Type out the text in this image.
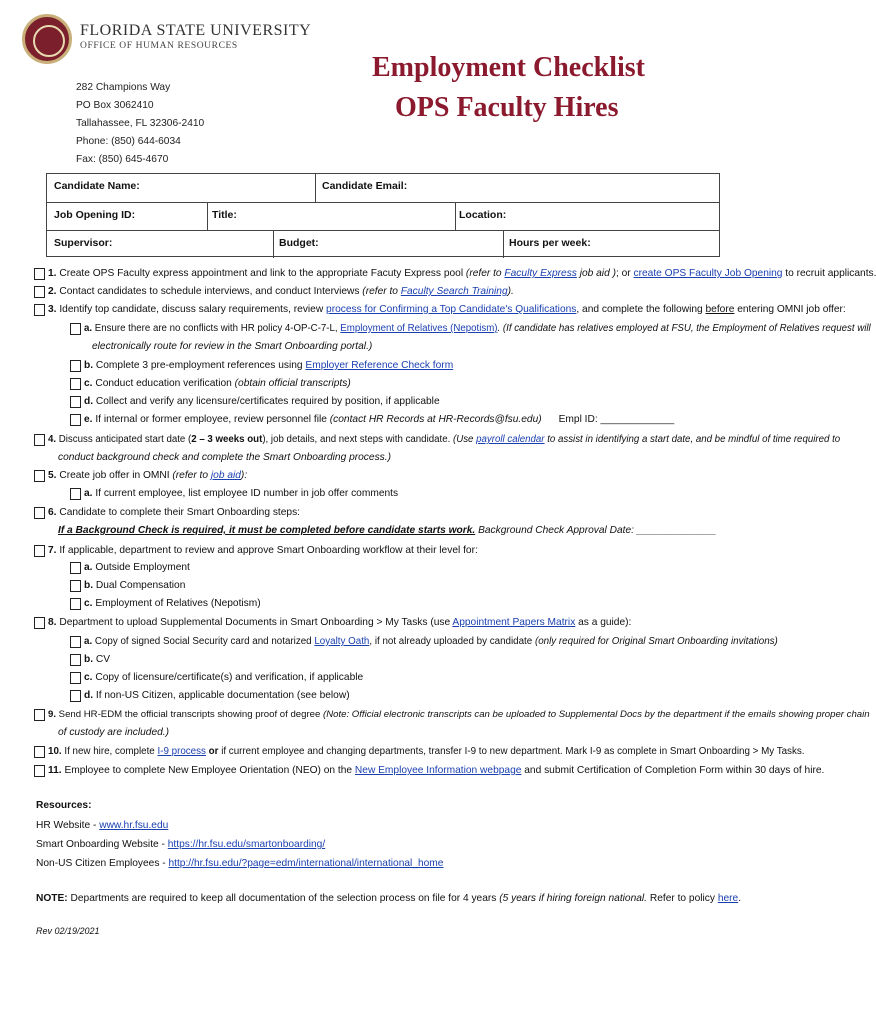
FLORIDA STATE UNIVERSITY
OFFICE OF HUMAN RESOURCES
282 Champions Way
PO Box 3062410
Tallahassee, FL 32306-2410
Phone: (850) 644-6034
Fax: (850) 645-4670
Employment Checklist
OPS Faculty Hires
Candidate Name:	Candidate Email:
Job Opening ID:	Title:	Location:
Supervisor:	Budget:	Hours per week:
1. Create OPS Faculty express appointment and link to the appropriate Facuty Express pool (refer to Faculty Express job aid ); or create OPS Faculty Job Opening to recruit applicants.
2. Contact candidates to schedule interviews, and conduct Interviews (refer to Faculty Search Training).
3. Identify top candidate, discuss salary requirements, review process for Confirming a Top Candidate's Qualifications, and complete the following before entering OMNI job offer:
a. Ensure there are no conflicts with HR policy 4-OP-C-7-L, Employment of Relatives (Nepotism). (If candidate has relatives employed at FSU, the Employment of Relatives request will
electronically route for review in the Smart Onboarding portal.)
b. Complete 3 pre-employment references using Employer Reference Check form
c. Conduct education verification (obtain official transcripts)
d. Collect and verify any licensure/certificates required by position, if applicable
e. If internal or former employee, review personnel file (contact HR Records at HR-Records@fsu.edu)      Empl ID: _____________
4. Discuss anticipated start date (2 – 3 weeks out), job details, and next steps with candidate. (Use payroll calendar to assist in identifying a start date, and be mindful of time required to
conduct background check and complete the Smart Onboarding process.)
5. Create job offer in OMNI (refer to job aid):
a. If current employee, list employee ID number in job offer comments
6. Candidate to complete their Smart Onboarding steps:
If a Background Check is required, it must be completed before candidate starts work. Background Check Approval Date: ______________
7. If applicable, department to review and approve Smart Onboarding workflow at their level for:
a. Outside Employment
b. Dual Compensation
c. Employment of Relatives (Nepotism)
8. Department to upload Supplemental Documents in Smart Onboarding > My Tasks (use Appointment Papers Matrix as a guide):
a. Copy of signed Social Security card and notarized Loyalty Oath, if not already uploaded by candidate (only required for Original Smart Onboarding invitations)
b. CV
c. Copy of licensure/certificate(s) and verification, if applicable
d. If non-US Citizen, applicable documentation (see below)
9. Send HR-EDM the official transcripts showing proof of degree (Note: Official electronic transcripts can be uploaded to Supplemental Docs by the department if the emails showing proper chain
of custody are included.)
10. If new hire, complete I-9 process or if current employee and changing departments, transfer I-9 to new department. Mark I-9 as complete in Smart Onboarding > My Tasks.
11. Employee to complete New Employee Orientation (NEO) on the New Employee Information webpage and submit Certification of Completion Form within 30 days of hire.
Resources:
HR Website - www.hr.fsu.edu
Smart Onboarding Website - https://hr.fsu.edu/smartonboarding/
Non-US Citizen Employees - http://hr.fsu.edu/?page=edm/international/international_home
NOTE: Departments are required to keep all documentation of the selection process on file for 4 years (5 years if hiring foreign national. Refer to policy here.
Rev 02/19/2021
